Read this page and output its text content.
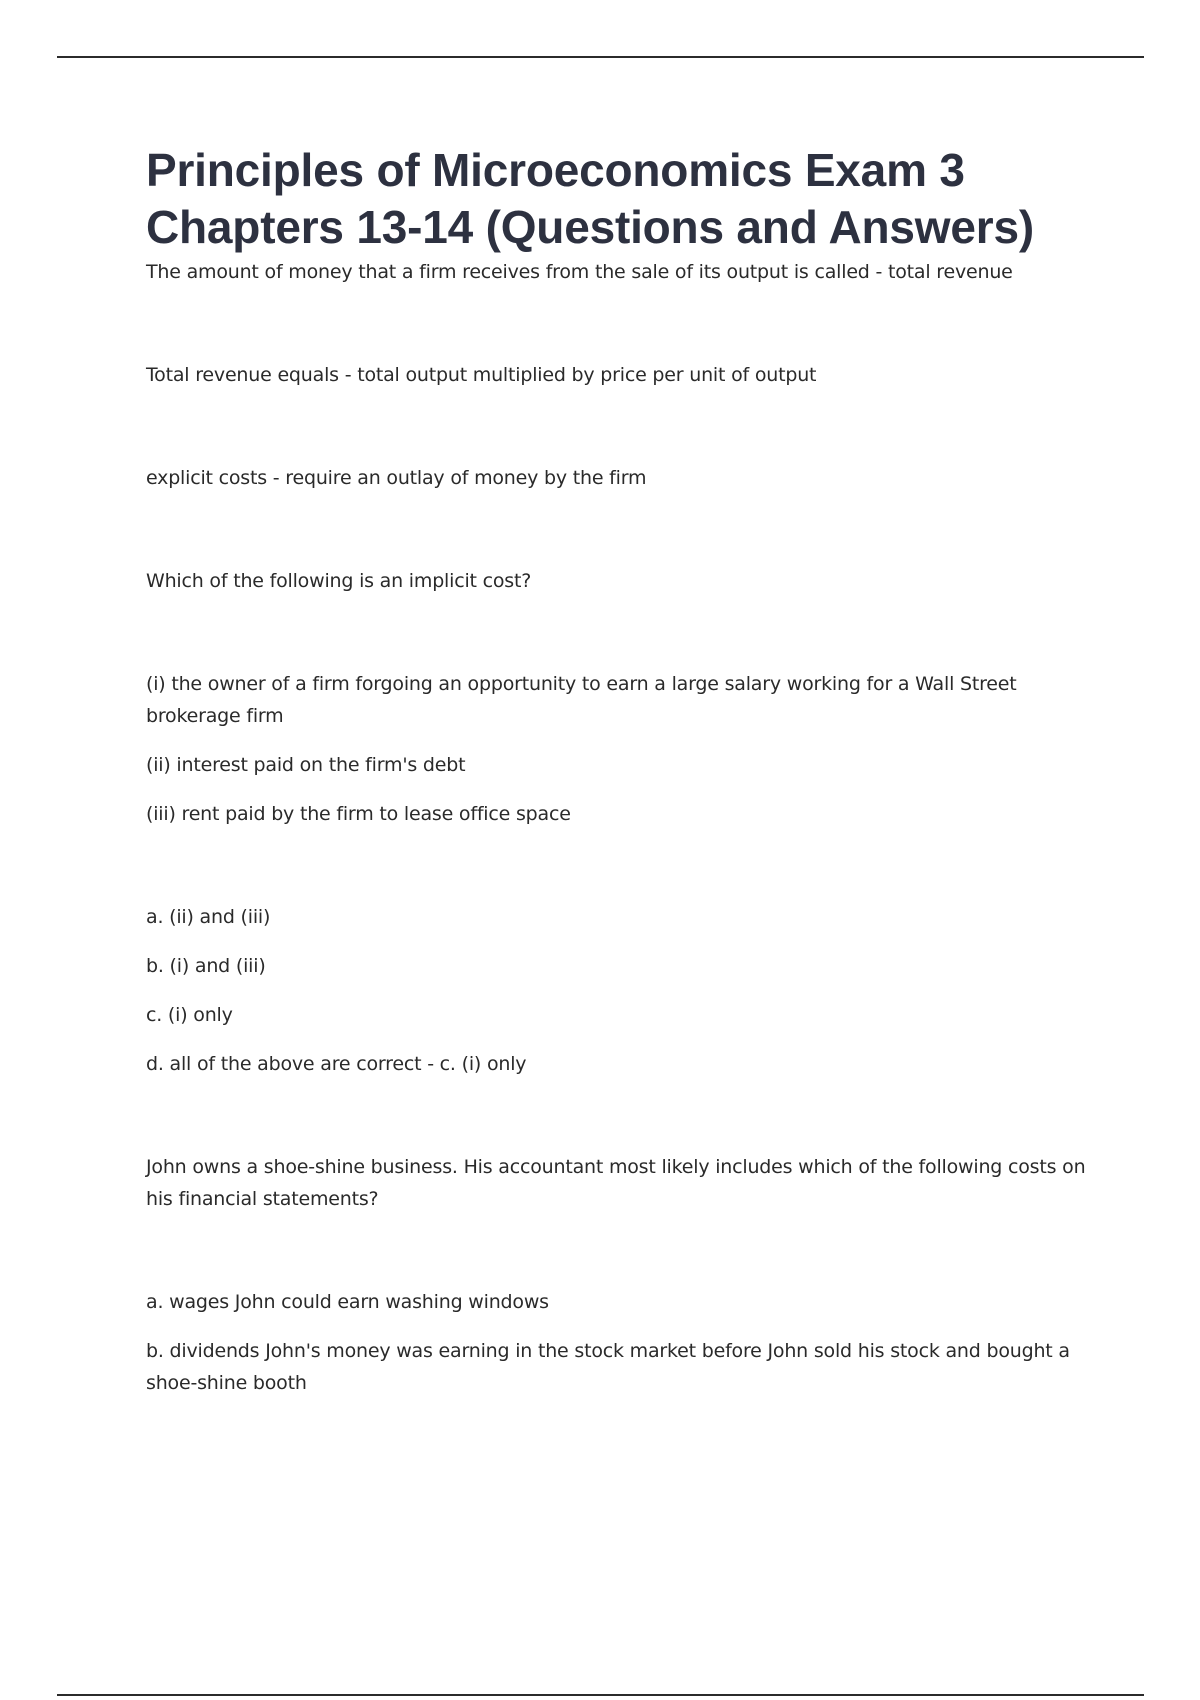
Principles of Microeconomics Exam 3 Chapters 13-14 (Questions and Answers)

The amount of money that a firm receives from the sale of its output is called - total revenue

Total revenue equals - total output multiplied by price per unit of output

explicit costs - require an outlay of money by the firm

Which of the following is an implicit cost?

(i) the owner of a firm forgoing an opportunity to earn a large salary working for a Wall Street brokerage firm

(ii) interest paid on the firm's debt

(iii) rent paid by the firm to lease office space

a. (ii) and (iii)

b. (i) and (iii)

c. (i) only

d. all of the above are correct - c. (i) only

John owns a shoe-shine business. His accountant most likely includes which of the following costs on his financial statements?

a. wages John could earn washing windows

b. dividends John's money was earning in the stock market before John sold his stock and bought a shoe-shine booth
